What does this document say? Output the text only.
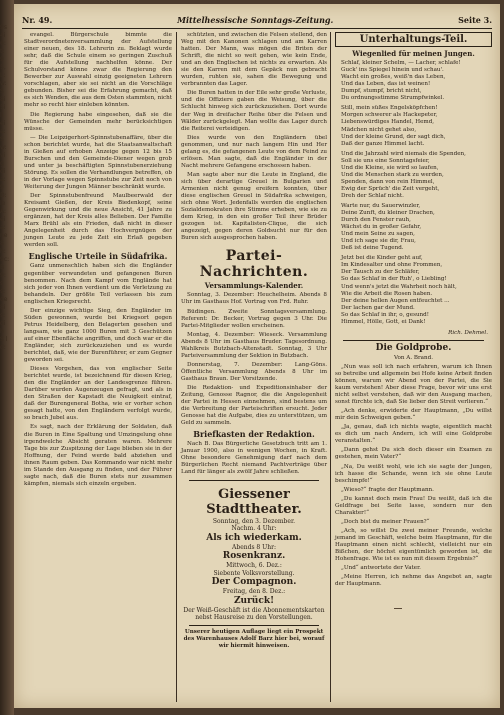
9s 4i 6: t: 9 5, L: w: S 8i 5i li ei a: S w: vi g di a: 9 D: le A: ei a: ne 8 h: 9c: B 9: s s: de 8i s: di h S l d:
Nr. 49.	Mittelhessische Sonntags-Zeitung.	Seite 3.

evangel. Bürgerschule bimmte die Stadtverordnetenversammlung der Aufstellung einer neuen, des 18. Lehrerin zu. Beklagt wurde sehr, daß die Schule einem so geringen Zuschuß für die Aufstellung nachhelfen könne. Der Schulvorstand könne zwar die Regierung den Bewerber zur Auswahl einzig geeigneten Lehrern vorschlagen, aber sie sei nicht an die Vorschläge gebunden. Bisher sei die Erfahrung gemacht, daß es sich Wenden, die aus dem Osten stammten, nicht mehr so recht hier einleben könnten.

Die Regierung habe eingesehen, daß sie die Wünsche der Gemeinden mehr berücksichtigen müsse.

— Die Leipzigerhort-Spinnstubenaffäre, über die schon berichtet wurde, hat die Staatsanwaltschaft in Gießen auf erhoben Anzeige gegen 12 bis 15 Burschen und den Gemeinde-Diener wegen grob und unter ja beschäftigten Spinnstubenerziehung Störung. Es sollen die Verhandlungen betreffen, ob in der Vorlage wegen Spinnstube zur Zeit noch von Weiterung der Jungen Männer beschränkt wurde.

Der Spinnstubenfreund Maulbeerwald der Kreisamt Gießen, der Kreis Biedenkopf, seine Gegenwirkung und die neue Ansicht, 41 Jahre zu ergänzen, hat der Kreis alles Belieben. Der Familie Marx Brühl als ein Frieden, daß nicht in dieser Angelegenheit durch das Hochvergnügen der jungen Leute zu jede Zeit ein Erlaß gegeben werden soll.

Englische Urteile in Südafrika.

Ganz unmenschlich haben sich die Engländer gegenüber verwundeten und gefangenen Buren benommen. Nach dem Kampf vom Englände hat sich jeder von Ihnen verdient um die Verletzung zu behandeln. Der größte Teil verlassen bis zum englischen Kriegsrecht.

Der einzige wichtige Sieg, den Engländer im Süden gewonnen, wurde bei Kriegsort gegen Petrus Heidelberg, den Belagerten gesehen und langsam, wie ganz 1000 Buren mit 3 Geschützen auf einer Ebenfläche angriffen, und doch war er die Engländer, sich zurückzuziehen und es wurde berichtet, daß, wie der Burenführer, er zum Gegner geworden sei.

Dieses Vorgehen, das von englischer Seite berichtet wurde, ist bezeichnend für diesen Krieg, den die Engländer an der Landesgrenze führen. Darüber wurden Augenzeugen gefragt, und als in den Straßen der Kapstadt die Neuigkeit eintraf, daß der Burengeneral Botha, wie er vorher schon gesagt hatte, von den Engländern verfolgt wurde, so brach Jubel aus.

Es sagt, nach der Erklärung der Soldaten, daß die Buren in Eine Spaltung und Umzingelung ohne irgendwelche Absicht geraten waren. Mehrere Tage bis zur Zuspitzung der Lage blieben sie in der Hoffnung, der Feind werde bald abziehen und ihnen Raum geben. Das Kommando war nicht mehr im Stande den Ausgang zu finden, und der Führer sagte nach, daß die Buren stets nur zusammen kämpfen, niemals sich einzeln ergeben.

schützten, und zwischen die Felsen stellend, den Weg mit den Kanonen schlagen und am Karren hatten. Der Mann, was mögen die Briten der Schrift, die nicht so weit gehen, wie kein Ende, und an den Englischen ist nichts zu erwarten. Als sie den Karren mit dem Gepäck nun gebracht wurden, ruhten sie, sahen die Bewegung und verbrannten das Lager.

Die Buren hatten in der Eile sehr große Verluste, und die Offiziere gaben die Weisung, über die Schlucht hinweg sich zurückzuziehen. Dort wurde der Weg in dreifacher Reihe über die Felsen und Wälder zurückgelegt. Man wollte das Lager durch die Reiterei verteidigen.

Dies wurde von den Engländern übel genommen, und nur nach langem Hin und Her gelang es, die gefangenen Leute von dem Feind zu erlösen. Man sagte, daß die Engländer in der Nacht mehrere Gefangene erschossen haben.

Man sagte aber nur die Leute in England, die sich über derartige Greuel in Bulgarien und Armenien nicht genug ereifern konnten, über diese englischen Greuel in Südafrika schweigen, sich ohne Wort. Jedenfalls werden die englischen Sozialdemokraten ihre Stimme erheben, wie sie zu dem Krieg, in den ein großer Teil ihrer Brüder gezogen ist. Kapitalisten-Clique, die sich angezeigt, gegen deren Goldsucht nur für den Buren sich ausgesprochen haben.

Partei-Nachrichten.
Versammlungs-Kalender.

Sonntag, 3. Dezember: Heuchelheim. Abends 8 Uhr im Gasthaus Hof. Vortrag von Frd. Ruhr.

Büdingen. Zweite Sonntagsversammlung. Referent: Dr. Becker, Vortrag gegen 3 Uhr. Die Partei-Mitglieder wollen erscheinen.

Montag, 4. Dezember: Wieseck. Versammlung Abends 8 Uhr im Gasthaus Bruder. Tagesordnung. Wahlkreis Butzbach-Altenstadt. Sonntag, 3 Uhr Parteiversammlung der Sektion in Butzbach.

Donnerstag, 7. Dezember: Lang-Göns. Öffentliche Versammlung Abends 8 Uhr im Gasthaus Braun. Der Vorsitzende.

Die Redaktion- und Expeditionsinhaber der Zeitung, Genosse Ragnor, die die Angelegenheit der Partei in Hessen einnehmen, sind bestens um die Verbreitung der Parteischriften ersucht. Jeder Genosse hat die Aufgabe, dies zu unterstützen, um Geld zu sammeln.

Briefkasten der Redaktion.

Nach B. Das Bürgerliche Gesetzbuch tritt am 1. Januar 1900, also in wenigen Wochen, in Kraft. Ohne besondere Genehmigung darf nach dem Bürgerlichen Recht niemand Pachtverträge über Land für länger als zwölf Jahre schließen.

Giessener Stadttheater.
Sonntag, den 3. Dezember.
Nachm. 4 Uhr:
Als ich wiederkam.
Abends 8 Uhr:
Rosenkranz.
Mittwoch, 6. Dez.:
Siebente Volksvorstellung.
Der Compagnon.
Freitag, den 8. Dez.:
Zurück!
Der Weiß-Geschäft ist die Abonnementskarten nebst Hausreise zu den Vorstellungen.

Unserer heutigen Auflage liegt ein Prospekt des Warenhauses Adolf Barz hier bei, worauf wir hiermit hinweisen.

Unterhaltungs-Teil.
Wiegenlied für meinen Jungen.
Schlaf, kleiner Schelm, — Lacher, schlafe!
Guck' ins Spiegel hinein und schau'.
Wacht ein großes, weiß'n das Leben,
Und das Leben, das ist weinen!
Dumpf, stumpf, bricht nicht,
Du ordnungsstimme Strumpfwinkel.

Still, mein süßes Engelsköpfchen!
Morgen schwerer als Hackepeter,
Liebenswürdiges Handel, Hemd,
Mädchen nicht gehet also,
Und der kleine Grund, der sagt dich,
Daß der ganze Himmel lacht.

Und die Jahrzahl wird niemals die Spenden,
Soll sie uns eine Sonntagsfeier,
Und die Kleine, sie wird so laufen,
Und die Menschen stark zu werden,
Spenden, dann von rein Himmel,
Ewig der Sprüch' die Zeit vergeht,
Dreh der Schlaf nicht.

Warte nur, du Sauerwinzler,
Deine Zunft, du kleiner Drachen,
Durch den Fenster rauh,
Wächst du in großer Gefahr,
Und mein Seine zu sagen,
Und ich sage sie dir, Frau,
Deß ist deine Tugend.

Jetzt bei die Kinder geht auf,
Im Kindesalter und ohne Frommen,
Der Tausch zu der Schläfer,
So das Schlaf in der Ruh', o Liebling!
Und wenn's jetzt die Wahrheit noch hält,
Wie die Arbeit die Rosen haben.
Der deine hellen Augen entfeuchtet ...
Der lachen gar der Mund.
So das Schlaf in ihr, o, gesund!
Himmel, Hölle, Gott, ei Dank!
Rich. Dehmel.
Die Goldprobe.
Von A. Brand.

„Nun was soll ich nach erfahren, warum ich Ihnen so betreibe und allgemein bei Hofe keine Arbeit finden können, warum wir Abend von der Partei, die Sie kaum verstehen! Aber diese Frage, bevor wir uns erst nicht selbst verstehen, daß wir den Ausgang machen, sonst fürchte ich, daß Sie lieber den Streit verlieren.“

„Ach denke, erwiderte der Hauptmann, „Du willst mir dein Schweigen geben.“

„Ja, genau, daß ich nichts wagte, eigentlich macht es dich um nach Andern, ich will eine Goldprobe veranstalten.“

„Dann gehst Du sich doch dieser ein Examen zu gestehen, mein Vater?“

„Na, Du weißt wohl, wie ich sie sagte der Jungen, ich hasse die Schande, wenn ich sie ohne Leute beschimpfe!“

„Wieso?“ fragte der Hauptmann.

„Du kannst doch mein Frau! Du weißt, daß ich die Geldfrage bei Seite lasse, sondern nur den Charakter!“

„Doch bist du meiner Frauen?“

„Ach, so willst Du zwei meiner Freunde, welche jemand im Geschäft, welche beim Hauptmann, für die Hauptmann einen nicht schlecht, vielleicht nur ein Bißchen, der höchst eigentümlich geworden ist, die Hohenfrage. Wie ist es nun mit diesem Ergebnis?“

„Und“ antwortete der Vater.

„Meine Herren, ich nehme das Angebot an, sagte der Hauptmann.
